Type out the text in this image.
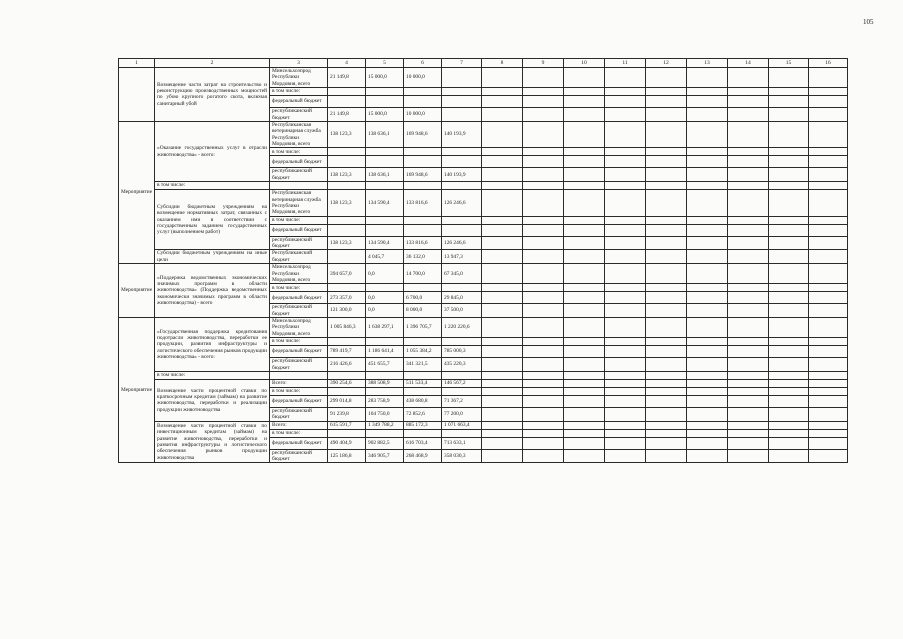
105
1	2	3	4	5	6	7	8	9	10	11	12	13	14	15	16
	Возмещение части затрат на строительство и реконструкцию производственных мощностей по убою крупного рогатого скота, включая санитарный убой	Минсельхозпрод Республики Мордовия, всего	21 149,8	15 000,0	10 000,0										
		в том числе:													
		федеральный бюджет													
		республиканский бюджет	21 149,8	15 000,0	10 000,0										
Мероприятие	«Оказание государственных услуг в отрасли животноводства» - всего:	Республиканская ветеринарная служба Республики Мордовия, всего	138 123,3	138 636,1	169 948,6	140 193,9									
		в том числе:													
		федеральный бюджет													
		республиканский бюджет	138 123,3	138 636,1	169 948,6	140 193,9									
	в том числе:														
	Субсидии бюджетным учреждениям на возмещение нормативных затрат, связанных с оказанием ими в соответствии с государственным заданием государственных услуг (выполнением работ)	Республиканская ветеринарная служба Республики Мордовия, всего	138 123,3	134 590,4	133 816,6	126 246,6									
		в том числе:													
		федеральный бюджет													
		республиканский бюджет	138 123,3	134 590,4	133 816,6	126 246,6									
	Субсидии бюджетным учреждениям на иные цели	Республиканский бюджет		4 045,7	36 132,0	13 947,3									
Мероприятие	«Поддержка ведомственных экономических значимых программ в области животноводства» (Поддержка ведомственных экономически значимых программ в области животноводства) - всего	Минсельхозпрод Республики Мордовия, всего	394 657,0	0,0	14 700,0	67 345,0									
		в том числе:													
		федеральный бюджет	273 357,0	0,0	6 700,0	29 845,0									
		республиканский бюджет	121 300,0	0,0	8 000,0	37 500,0									
Мероприятие	«Государственная поддержка кредитования подотрасли животноводства, переработки ее продукции, развития инфраструктуры и логистического обеспечения рынков продукции животноводства» - всего:	Минсельхозпрод Республики Мордовия, всего	1 005 846,3	1 638 297,1	1 396 705,7	1 220 220,6									
		в том числе:													
		федеральный бюджет	789 419,7	1 186 641,4	1 055 384,2	785 000,3									
		республиканский бюджет	216 426,6	451 655,7	341 321,5	435 220,3									
	в том числе:														
	Возмещение части процентной ставки по краткосрочным кредитам (займам) на развитие животноводства, переработки и реализации продукции животноводства	Всего:	390 254,6	388 508,9	511 533,4	146 567,2									
		в том числе:													
		федеральный бюджет	299 014,8	283 758,9	438 680,8	71 367,2									
		республиканский бюджет	91 239,8	104 750,0	72 852,6	77 200,0									
	Возмещение части процентной ставки по инвестиционным кредитам (займам) на развитие животноводства, переработки и развития инфраструктуры и логистического обеспечения рынков продукции животноводства	Всего:	615 591,7	1 349 788,2	885 172,3	1 071 663,4									
		в том числе:													
		федеральный бюджет	490 404,9	902 882,5	616 703,4	713 633,1									
		республиканский бюджет	125 186,8	346 905,7	268 468,9	358 030,3									
